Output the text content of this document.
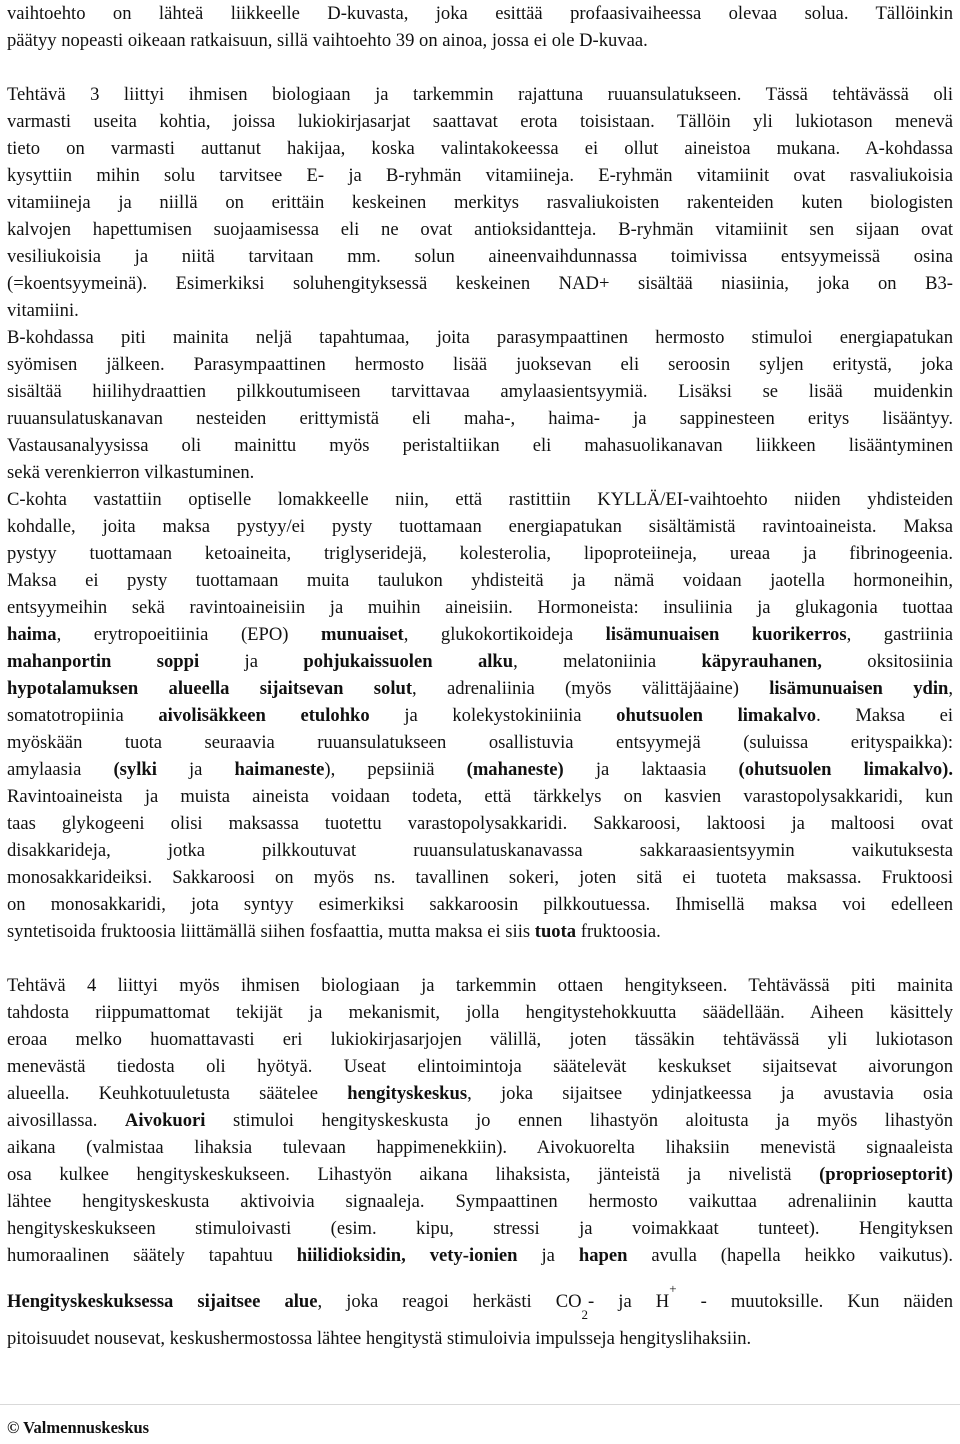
vaihtoehto on lähteä liikkeelle D-kuvasta, joka esittää profaasivaiheessa olevaa solua. Tällöinkin
päätyy nopeasti oikeaan ratkaisuun, sillä vaihtoehto 39 on ainoa, jossa ei ole D-kuvaa.
Tehtävä 3 liittyi ihmisen biologiaan ja tarkemmin rajattuna ruuansulatukseen. Tässä tehtävässä oli
varmasti useita kohtia, joissa lukiokirjasarjat saattavat erota toisistaan. Tällöin yli lukiotason menevä
tieto on varmasti auttanut hakijaa, koska valintakokeessa ei ollut aineistoa mukana. A-kohdassa
kysyttiin mihin solu tarvitsee E- ja B-ryhmän vitamiineja. E-ryhmän vitamiinit ovat rasvaliukoisia
vitamiineja ja niillä on erittäin keskeinen merkitys rasvaliukoisten rakenteiden kuten biologisten
kalvojen hapettumisen suojaamisessa eli ne ovat antioksidantteja. B-ryhmän vitamiinit sen sijaan ovat
vesiliukoisia ja niitä tarvitaan mm. solun aineenvaihdunnassa toimivissa entsyymeissä osina
(=koentsyymeinä). Esimerkiksi soluhengityksessä keskeinen NAD+ sisältää niasiinia, joka on B3-
vitamiini.
B-kohdassa piti mainita neljä tapahtumaa, joita parasympaattinen hermosto stimuloi energiapatukan
syömisen jälkeen. Parasympaattinen hermosto lisää juoksevan eli seroosin syljen eritystä, joka
sisältää hiilihydraattien pilkkoutumiseen tarvittavaa amylaasientsyymiä. Lisäksi se lisää muidenkin
ruuansulatuskanavan nesteiden erittymistä eli maha-, haima- ja sappinesteen eritys lisääntyy.
Vastausanalyysissa oli mainittu myös peristaltiikan eli mahasuolikanavan liikkeen lisääntyminen
sekä verenkierron vilkastuminen.
C-kohta vastattiin optiselle lomakkeelle niin, että rastittiin KYLLÄ/EI-vaihtoehto niiden yhdisteiden
kohdalle, joita maksa pystyy/ei pysty tuottamaan energiapatukan sisältämistä ravintoaineista. Maksa
pystyy tuottamaan ketoaineita, triglyseridejä, kolesterolia, lipoproteiineja, ureaa ja fibrinogeenia.
Maksa ei pysty tuottamaan muita taulukon yhdisteitä ja nämä voidaan jaotella hormoneihin,
entsyymeihin sekä ravintoaineisiin ja muihin aineisiin. Hormoneista: insuliinia ja glukagonia tuottaa
haima, erytropoeitiinia (EPO) munuaiset, glukokortikoideja lisämunuaisen kuorikerros, gastriinia
mahanportin soppi ja pohjukaissuolen alku, melatoniinia käpyrauhanen, oksitosiinia
hypotalamuksen alueella sijaitsevan solut, adrenaliinia (myös välittäjäaine) lisämunuaisen ydin,
somatotropiinia aivolisäkkeen etulohko ja kolekystokiniinia ohutsuolen limakalvo. Maksa ei
myöskään tuota seuraavia ruuansulatukseen osallistuvia entsyymejä (suluissa erityspaikka):
amylaasia (sylki ja haimaneste), pepsiiniä (mahaneste) ja laktaasia (ohutsuolen limakalvo).
Ravintoaineista ja muista aineista voidaan todeta, että tärkkelys on kasvien varastopolysakkaridi, kun
taas glykogeeni olisi maksassa tuotettu varastopolysakkaridi. Sakkaroosi, laktoosi ja maltoosi ovat
disakkarideja, jotka pilkkoutuvat ruuansulatuskanavassa sakkaraasientsyymin vaikutuksesta
monosakkarideiksi. Sakkaroosi on myös ns. tavallinen sokeri, joten sitä ei tuoteta maksassa. Fruktoosi
on monosakkaridi, jota syntyy esimerkiksi sakkaroosin pilkkoutuessa. Ihmisellä maksa voi edelleen
syntetisoida fruktoosia liittämällä siihen fosfaattia, mutta maksa ei siis tuota fruktoosia.
Tehtävä 4 liittyi myös ihmisen biologiaan ja tarkemmin ottaen hengitykseen. Tehtävässä piti mainita
tahdosta riippumattomat tekijät ja mekanismit, jolla hengitystehokkuutta säädellään. Aiheen käsittely
eroaa melko huomattavasti eri lukiokirjasarjojen välillä, joten tässäkin tehtävässä yli lukiotason
menevästä tiedosta oli hyötyä. Useat elintoimintoja säätelevät keskukset sijaitsevat aivorungon
alueella. Keuhkotuuletusta säätelee hengityskeskus, joka sijaitsee ydinjatkeessa ja avustavia osia
aivosillassa. Aivokuori stimuloi hengityskeskusta jo ennen lihastyön aloitusta ja myös lihastyön
aikana (valmistaa lihaksia tulevaan happimenekkiin). Aivokuorelta lihaksiin menevistä signaaleista
osa kulkee hengityskeskukseen. Lihastyön aikana lihaksista, jänteistä ja nivelistä (proprioseptorit)
lähtee hengityskeskusta aktivoivia signaaleja. Sympaattinen hermosto vaikuttaa adrenaliinin kautta
hengityskeskukseen stimuloivasti (esim. kipu, stressi ja voimakkaat tunteet). Hengityksen
humoraalinen säätely tapahtuu hiilidioksidin, vety-ionien ja hapen avulla (hapella heikko vaikutus).
Hengityskeskuksessa sijaitsee alue, joka reagoi herkästi $CO_2-$ ja H+ - muutoksille. Kun näiden
pitoisuudet nousevat, keskushermostossa lähtee hengitystä stimuloivia impulsseja hengityslihaksiin.
© Valmennuskeskus
